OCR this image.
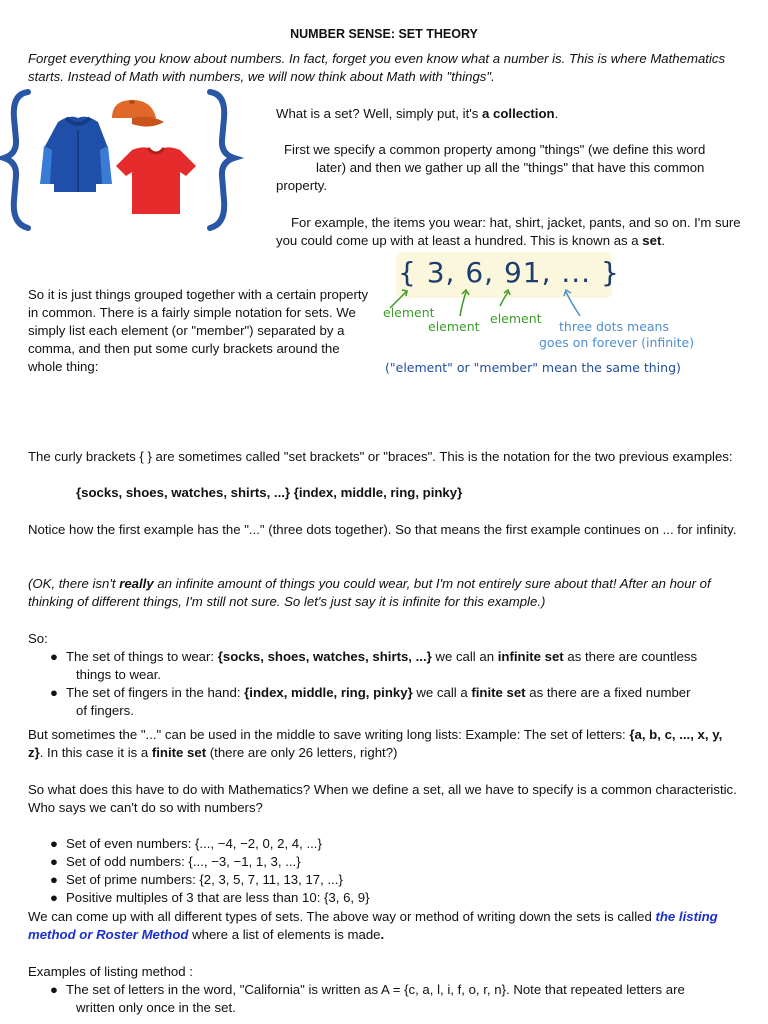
NUMBER SENSE: SET THEORY

Forget everything you know about numbers. In fact, forget you even know what a number is. This is where Mathematics starts. Instead of Math with numbers, we will now think about Math with "things".

What is a set? Well, simply put, it's a collection.

First we specify a common property among "things" (we define this word

later) and then we gather up all the "things" that have this common

property.

For example, the items you wear: hat, shirt, jacket, pants, and so on. I'm sure you could come up with at least a hundred. This is known as a set.

So it is just things grouped together with a certain property in common. There is a fairly simple notation for sets. We simply list each element (or "member") separated by a comma, and then put some curly brackets around the whole thing:

{ 3, 6, 91, ... }
element
element
element
three dots means
goes on forever (infinite)
("element" or "member" mean the same thing)

The curly brackets { } are sometimes called "set brackets" or "braces". This is the notation for the two previous examples:

{socks, shoes, watches, shirts, ...} {index, middle, ring, pinky}

Notice how the first example has the "..." (three dots together). So that means the first example continues on ... for infinity.

(OK, there isn't really an infinite amount of things you could wear, but I'm not entirely sure about that! After an hour of thinking of different things, I'm still not sure. So let's just say it is infinite for this example.)

So:

● The set of things to wear: {socks, shoes, watches, shirts, ...} we call an infinite set as there are countless
things to wear.
● The set of fingers in the hand: {index, middle, ring, pinky} we call a finite set as there are a fixed number
of fingers.

But sometimes the "..." can be used in the middle to save writing long lists: Example: The set of letters: {a, b, c, ..., x, y, z}. In this case it is a finite set (there are only 26 letters, right?)

So what does this have to do with Mathematics? When we define a set, all we have to specify is a common characteristic. Who says we can't do so with numbers?

● Set of even numbers: {..., −4, −2, 0, 2, 4, ...}
● Set of odd numbers: {..., −3, −1, 1, 3, ...}
● Set of prime numbers: {2, 3, 5, 7, 11, 13, 17, ...}
● Positive multiples of 3 that are less than 10: {3, 6, 9}

We can come up with all different types of sets. The above way or method of writing down the sets is called the listing method or Roster Method where a list of elements is made.

Examples of listing method :

● The set of letters in the word, "California" is written as A = {c, a, l, i, f, o, r, n}. Note that repeated letters are
written only once in the set.
